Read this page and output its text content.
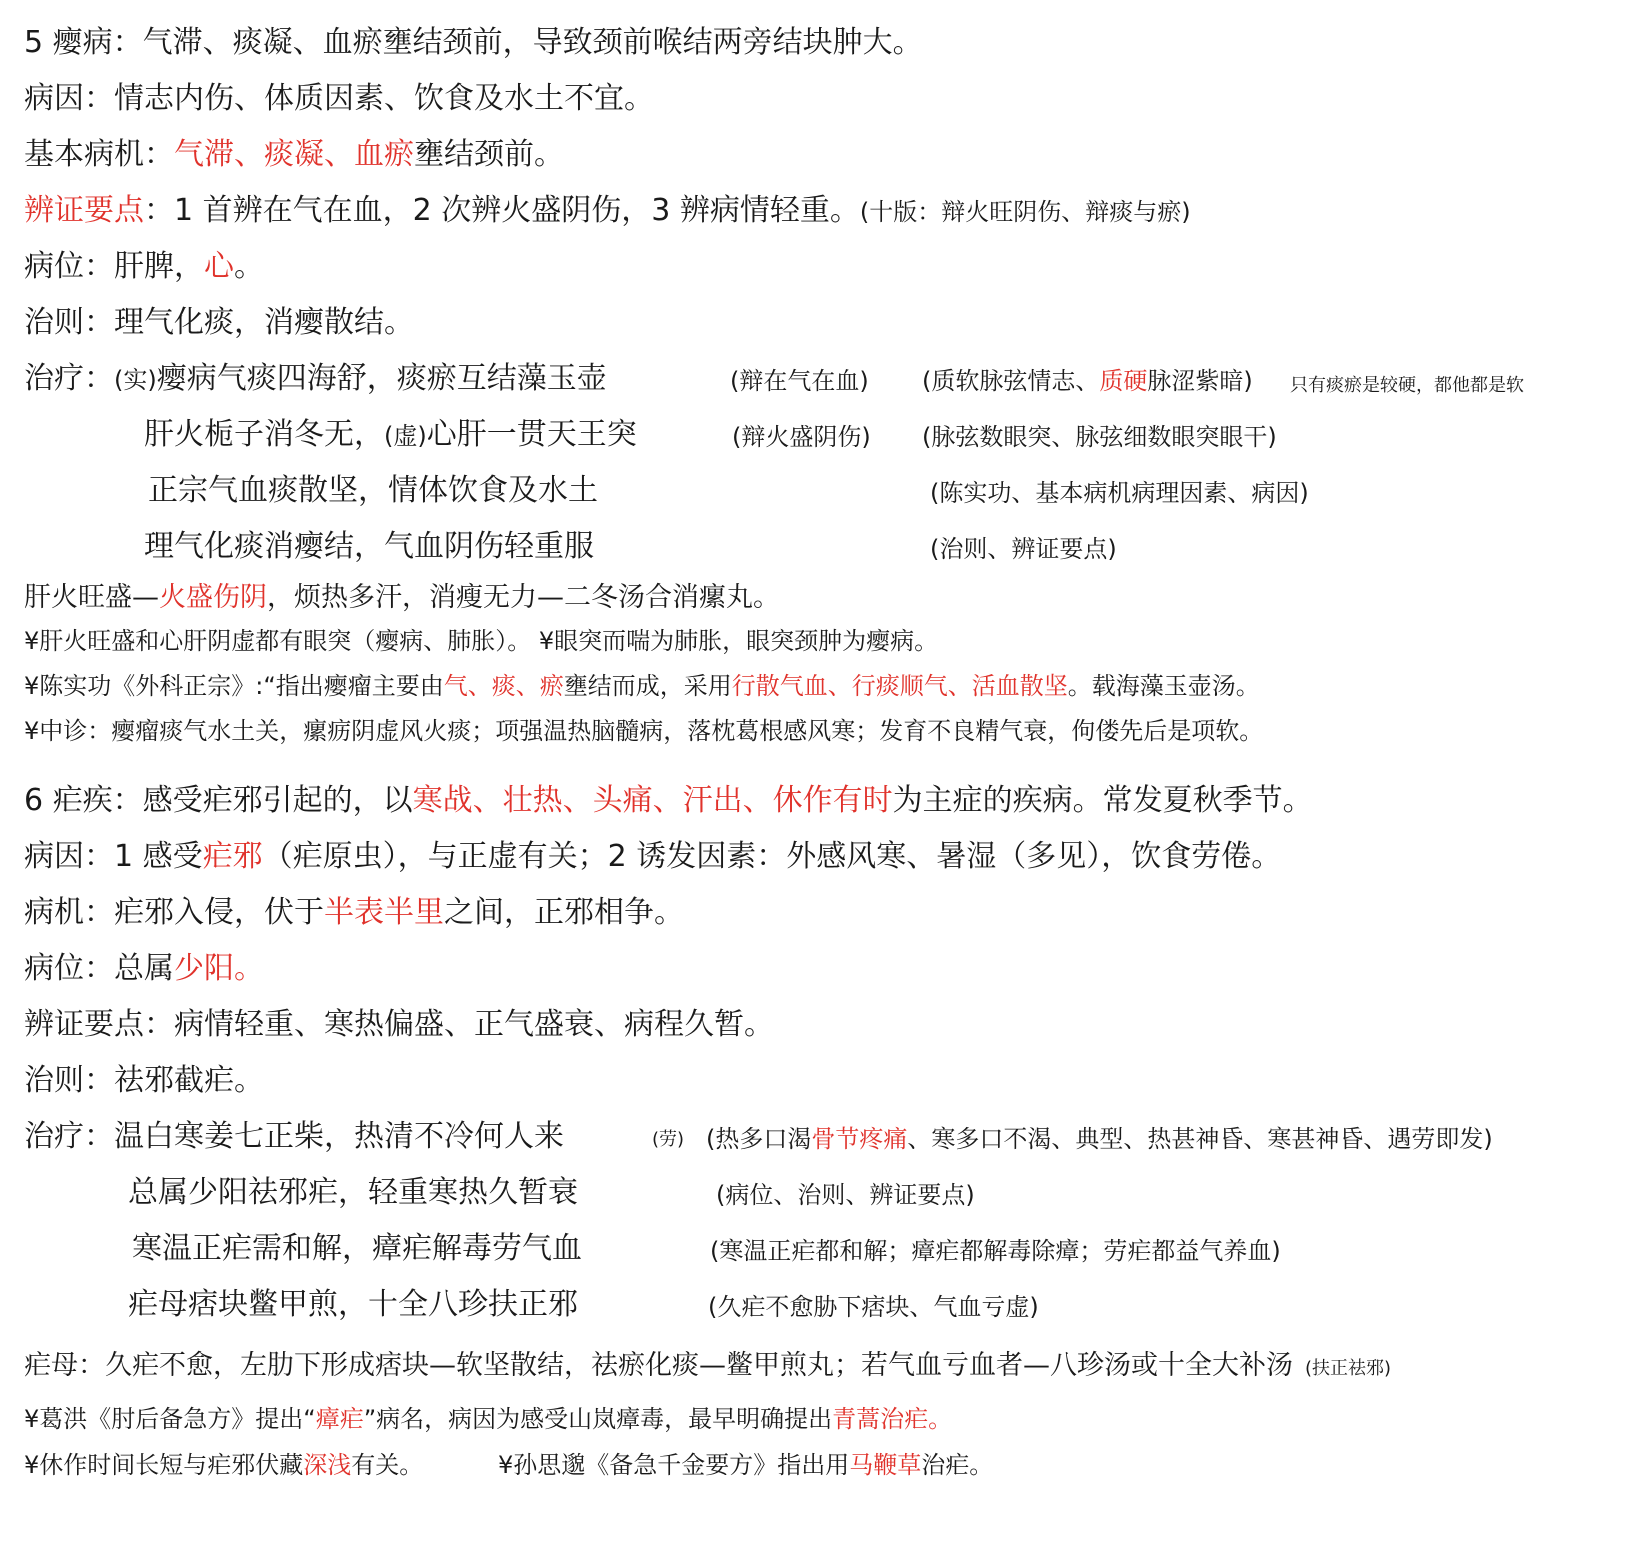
5 瘿病：气滞、痰凝、血瘀壅结颈前，导致颈前喉结两旁结块肿大。
病因：情志内伤、体质因素、饮食及水土不宜。
基本病机：气滞、痰凝、血瘀壅结颈前。
辨证要点：1 首辨在气在血，2 次辨火盛阴伤，3 辨病情轻重。(十版：辩火旺阴伤、辩痰与瘀)
病位：肝脾，心。
治则：理气化痰，消瘿散结。
治疗：(实)瘿病气痰四海舒，痰瘀互结藻玉壶	(辩在气在血) (质软脉弦情志、质硬脉涩紫暗) 只有痰瘀是较硬，都他都是软
肝火栀子消冬无，(虚)心肝一贯天王突	(辩火盛阴伤) (脉弦数眼突、脉弦细数眼突眼干)
正宗气血痰散坚，情体饮食及水土	(陈实功、基本病机病理因素、病因)
理气化痰消瘿结，气血阴伤轻重服	(治则、辨证要点)
肝火旺盛—火盛伤阴，烦热多汗，消瘦无力—二冬汤合消瘰丸。
¥肝火旺盛和心肝阴虚都有眼突（瘿病、肺胀）。 ¥眼突而喘为肺胀，眼突颈肿为瘿病。
¥陈实功《外科正宗》:“指出瘿瘤主要由气、痰、瘀壅结而成，采用行散气血、行痰顺气、活血散坚。载海藻玉壶汤。
¥中诊：瘿瘤痰气水土关，瘰疬阴虚风火痰；项强温热脑髓病，落枕葛根感风寒；发育不良精气衰，佝偻先后是项软。
6 疟疾：感受疟邪引起的，以寒战、壮热、头痛、汗出、休作有时为主症的疾病。常发夏秋季节。
病因：1 感受疟邪（疟原虫），与正虚有关；2 诱发因素：外感风寒、暑湿（多见），饮食劳倦。
病机：疟邪入侵，伏于半表半里之间，正邪相争。
病位：总属少阳。
辨证要点：病情轻重、寒热偏盛、正气盛衰、病程久暂。
治则：祛邪截疟。
治疗：温白寒姜七正柴，热清不冷何人来	(劳) (热多口渴骨节疼痛、寒多口不渴、典型、热甚神昏、寒甚神昏、遇劳即发)
总属少阳祛邪疟，轻重寒热久暂衰	(病位、治则、辨证要点)
寒温正疟需和解，瘴疟解毒劳气血	(寒温正疟都和解；瘴疟都解毒除瘴；劳疟都益气养血)
疟母痞块鳖甲煎，十全八珍扶正邪	(久疟不愈胁下痞块、气血亏虚)
疟母：久疟不愈，左肋下形成痞块—软坚散结，祛瘀化痰—鳖甲煎丸；若气血亏血者—八珍汤或十全大补汤 (扶正祛邪)
¥葛洪《肘后备急方》提出“瘴疟”病名，病因为感受山岚瘴毒，最早明确提出青蒿治疟。
¥休作时间长短与疟邪伏藏深浅有关。	¥孙思邈《备急千金要方》指出用马鞭草治疟。
